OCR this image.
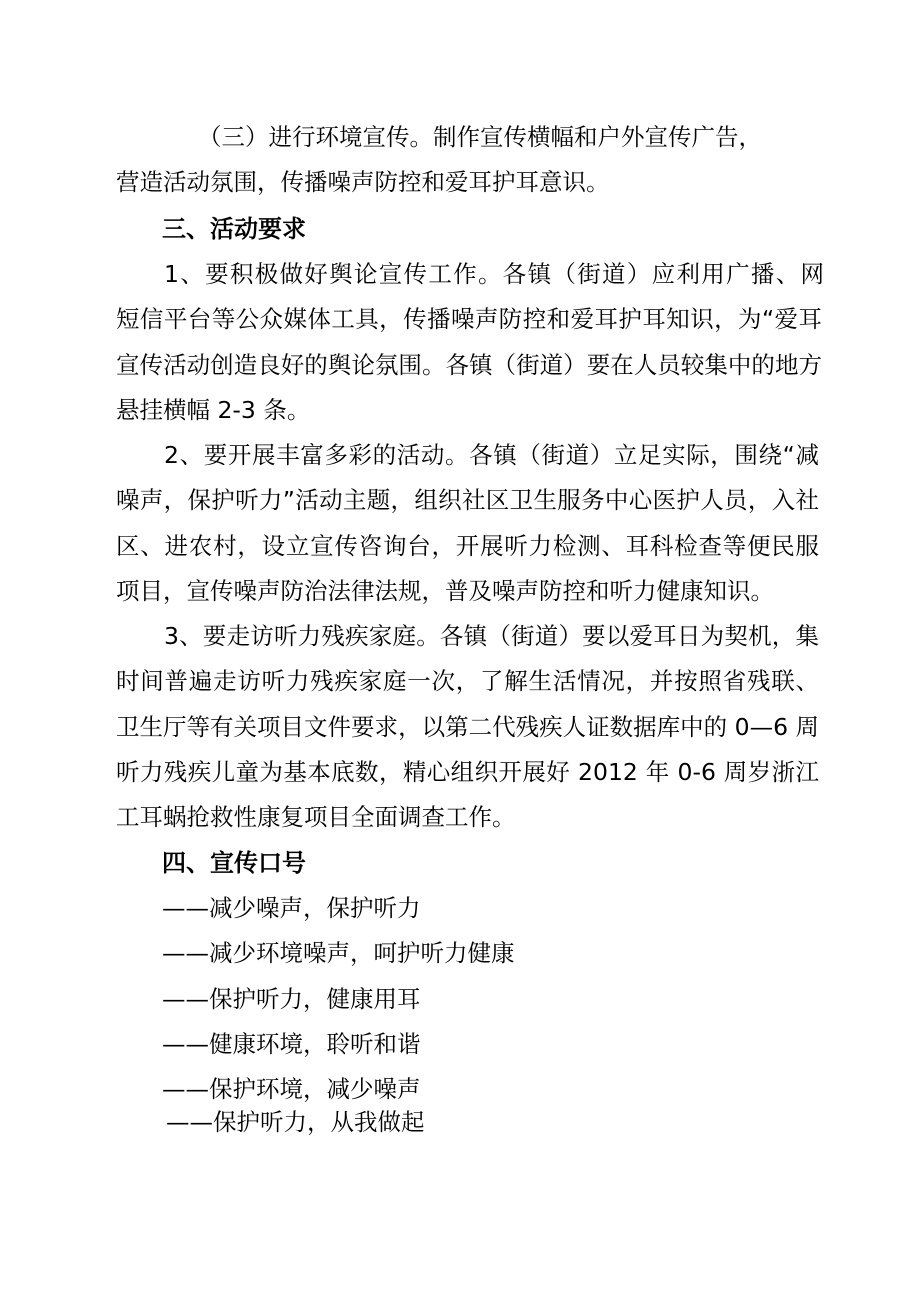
（三）进行环境宣传。制作宣传横幅和户外宣传广告，
营造活动氛围，传播噪声防控和爱耳护耳意识。
三、活动要求
1、要积极做好舆论宣传工作。各镇（街道）应利用广播、网
短信平台等公众媒体工具，传播噪声防控和爱耳护耳知识，为“爱耳
宣传活动创造良好的舆论氛围。各镇（街道）要在人员较集中的地方
悬挂横幅 2-3 条。
2、要开展丰富多彩的活动。各镇（街道）立足实际，围绕“减
噪声，保护听力”活动主题，组织社区卫生服务中心医护人员，入社
区、进农村，设立宣传咨询台，开展听力检测、耳科检查等便民服
项目，宣传噪声防治法律法规，普及噪声防控和听力健康知识。
3、要走访听力残疾家庭。各镇（街道）要以爱耳日为契机，集
时间普遍走访听力残疾家庭一次，了解生活情况，并按照省残联、
卫生厅等有关项目文件要求，以第二代残疾人证数据库中的 0—6 周
听力残疾儿童为基本底数，精心组织开展好 2012 年 0-6 周岁浙江
工耳蜗抢救性康复项目全面调查工作。
四、宣传口号
——减少噪声，保护听力
——减少环境噪声，呵护听力健康
——保护听力，健康用耳
——健康环境，聆听和谐
——保护环境，减少噪声
——保护听力，从我做起
